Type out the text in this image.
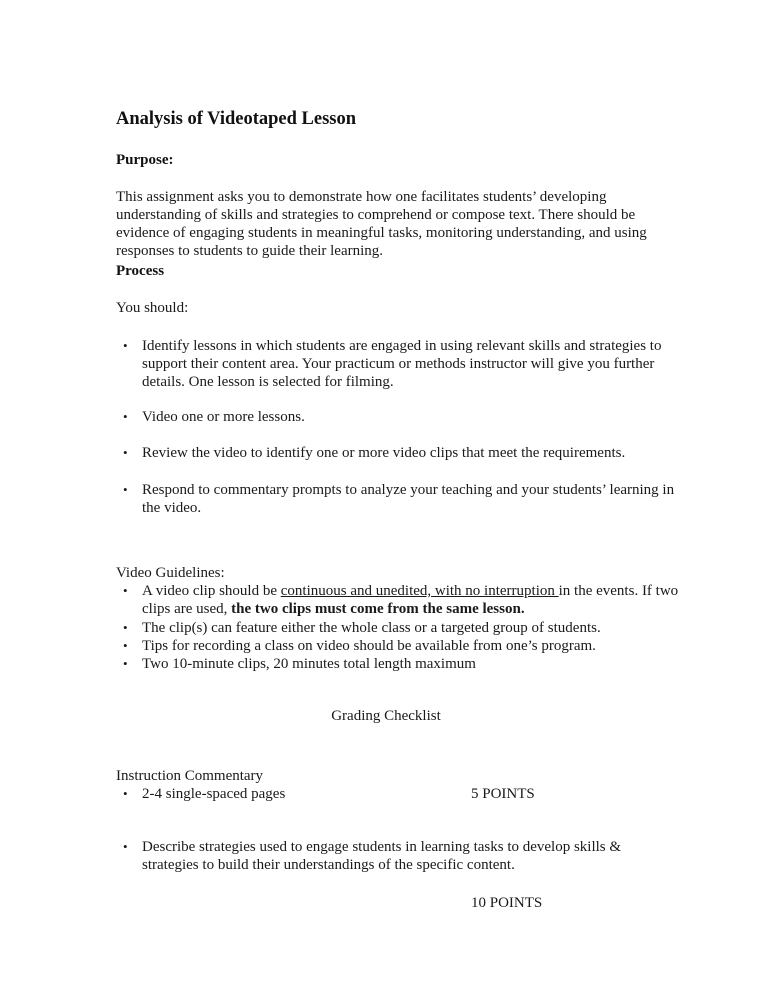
Analysis of Videotaped Lesson
Purpose:

This assignment asks you to demonstrate how one facilitates students’ developing understanding of skills and strategies to comprehend or compose text. There should be evidence of engaging students in meaningful tasks, monitoring understanding, and using responses to students to guide their learning.

Process
You should:
• Identify lessons in which students are engaged in using relevant skills and strategies to support their content area. Your practicum or methods instructor will give you further details. One lesson is selected for filming.
• Video one or more lessons.
• Review the video to identify one or more video clips that meet the requirements.
• Respond to commentary prompts to analyze your teaching and your students’ learning in the video.
Video Guidelines:
• A video clip should be continuous and unedited, with no interruption in the events. If two clips are used, the two clips must come from the same lesson.
• The clip(s) can feature either the whole class or a targeted group of students.
• Tips for recording a class on video should be available from one’s program.
• Two 10-minute clips, 20 minutes total length maximum
Grading Checklist
Instruction Commentary
• 2-4 single-spaced pages	5 POINTS
• Describe strategies used to engage students in learning tasks to develop skills & strategies to build their understandings of the specific content.
10 POINTS
